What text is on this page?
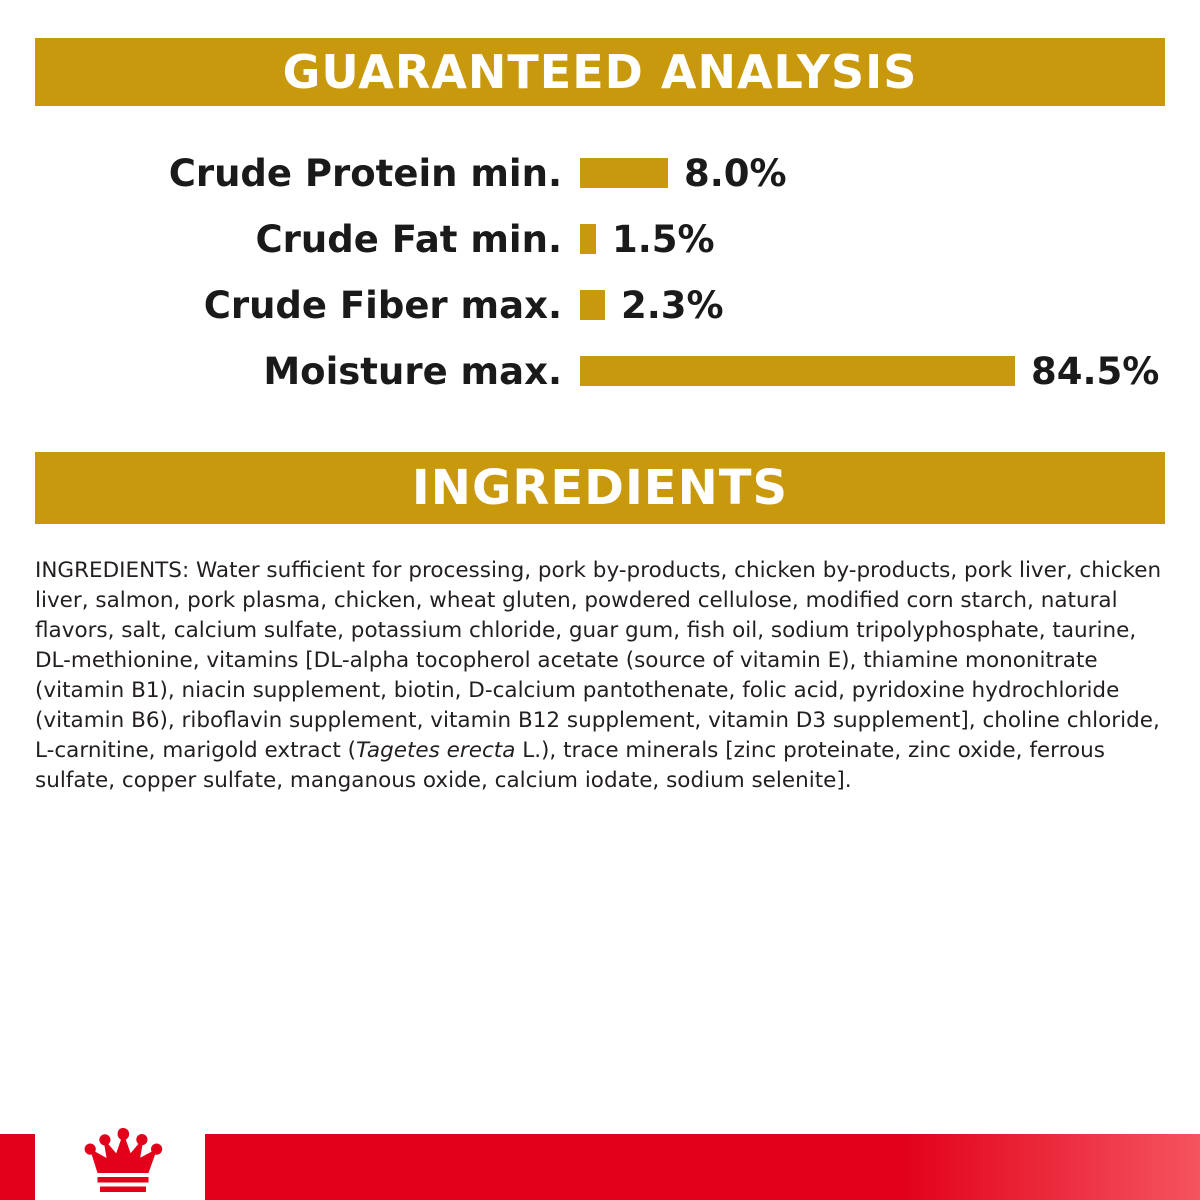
GUARANTEED ANALYSIS
Crude Protein min.	8.0%
Crude Fat min.	1.5%
Crude Fiber max.	2.3%
Moisture max.	84.5%
INGREDIENTS
INGREDIENTS: Water sufficient for processing, pork by-products, chicken by-products, pork liver, chicken liver, salmon, pork plasma, chicken, wheat gluten, powdered cellulose, modified corn starch, natural flavors, salt, calcium sulfate, potassium chloride, guar gum, fish oil, sodium tripolyphosphate, taurine, DL-methionine, vitamins [DL-alpha tocopherol acetate (source of vitamin E), thiamine mononitrate (vitamin B1), niacin supplement, biotin, D-calcium pantothenate, folic acid, pyridoxine hydrochloride (vitamin B6), riboflavin supplement, vitamin B12 supplement, vitamin D3 supplement], choline chloride, L-carnitine, marigold extract (Tagetes erecta L.), trace minerals [zinc proteinate, zinc oxide, ferrous sulfate, copper sulfate, manganous oxide, calcium iodate, sodium selenite].
